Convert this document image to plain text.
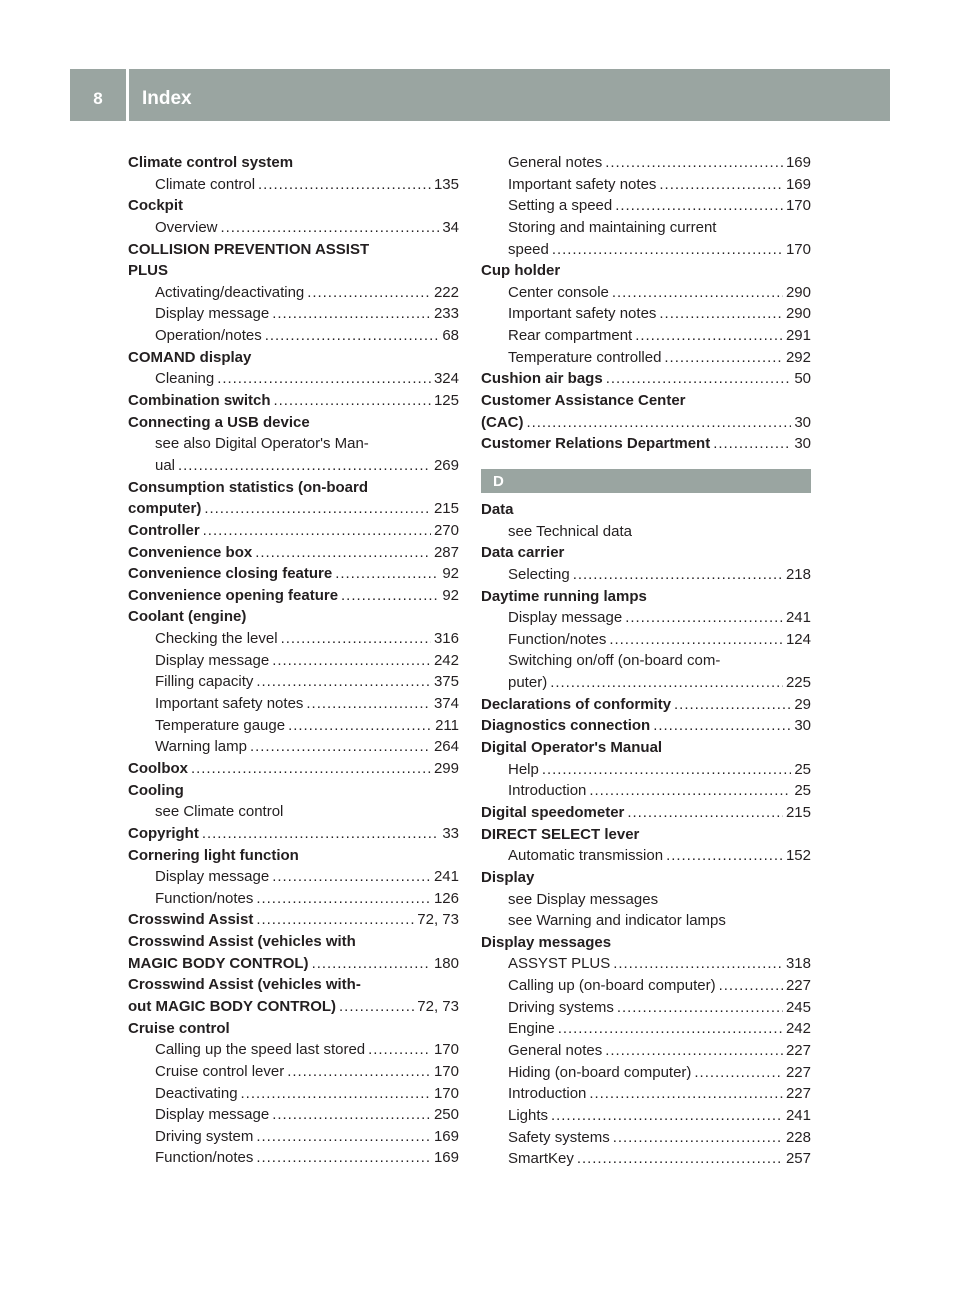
8	Index
Climate control system
Climate control . . .	135
Cockpit
Overview . . .	34
COLLISION PREVENTION ASSIST
PLUS
Activating/deactivating . . .	222
Display message . . .	233
Operation/notes . . .	68
COMAND display
Cleaning . . .	324
Combination switch . . .	125
Connecting a USB device
see also Digital Operator's Man-
ual . . .	269
Consumption statistics (on-board
computer) . . .	215
Controller . . .	270
Convenience box . . .	287
Convenience closing feature . . .	92
Convenience opening feature . . .	92
Coolant (engine)
Checking the level . . .	316
Display message . . .	242
Filling capacity . . .	375
Important safety notes . . .	374
Temperature gauge . . .	211
Warning lamp . . .	264
Coolbox . . .	299
Cooling
see Climate control
Copyright . . .	33
Cornering light function
Display message . . .	241
Function/notes . . .	126
Crosswind Assist . . .	72, 73
Crosswind Assist (vehicles with
MAGIC BODY CONTROL) . . .	180
Crosswind Assist (vehicles with-
out MAGIC BODY CONTROL) . . .	72, 73
Cruise control
Calling up the speed last stored . . .	170
Cruise control lever . . .	170
Deactivating . . .	170
Display message . . .	250
Driving system . . .	169
Function/notes . . .	169
General notes . . .	169
Important safety notes . . .	169
Setting a speed . . .	170
Storing and maintaining current
speed . . .	170
Cup holder
Center console . . .	290
Important safety notes . . .	290
Rear compartment . . .	291
Temperature controlled . . .	292
Cushion air bags . . .	50
Customer Assistance Center
(CAC) . . .	30
Customer Relations Department . . .	30
D
Data
see Technical data
Data carrier
Selecting . . .	218
Daytime running lamps
Display message . . .	241
Function/notes . . .	124
Switching on/off (on-board com-
puter) . . .	225
Declarations of conformity . . .	29
Diagnostics connection . . .	30
Digital Operator's Manual
Help . . .	25
Introduction . . .	25
Digital speedometer . . .	215
DIRECT SELECT lever
Automatic transmission . . .	152
Display
see Display messages
see Warning and indicator lamps
Display messages
ASSYST PLUS . . .	318
Calling up (on-board computer) . . .	227
Driving systems . . .	245
Engine . . .	242
General notes . . .	227
Hiding (on-board computer) . . .	227
Introduction . . .	227
Lights . . .	241
Safety systems . . .	228
SmartKey . . .	257
